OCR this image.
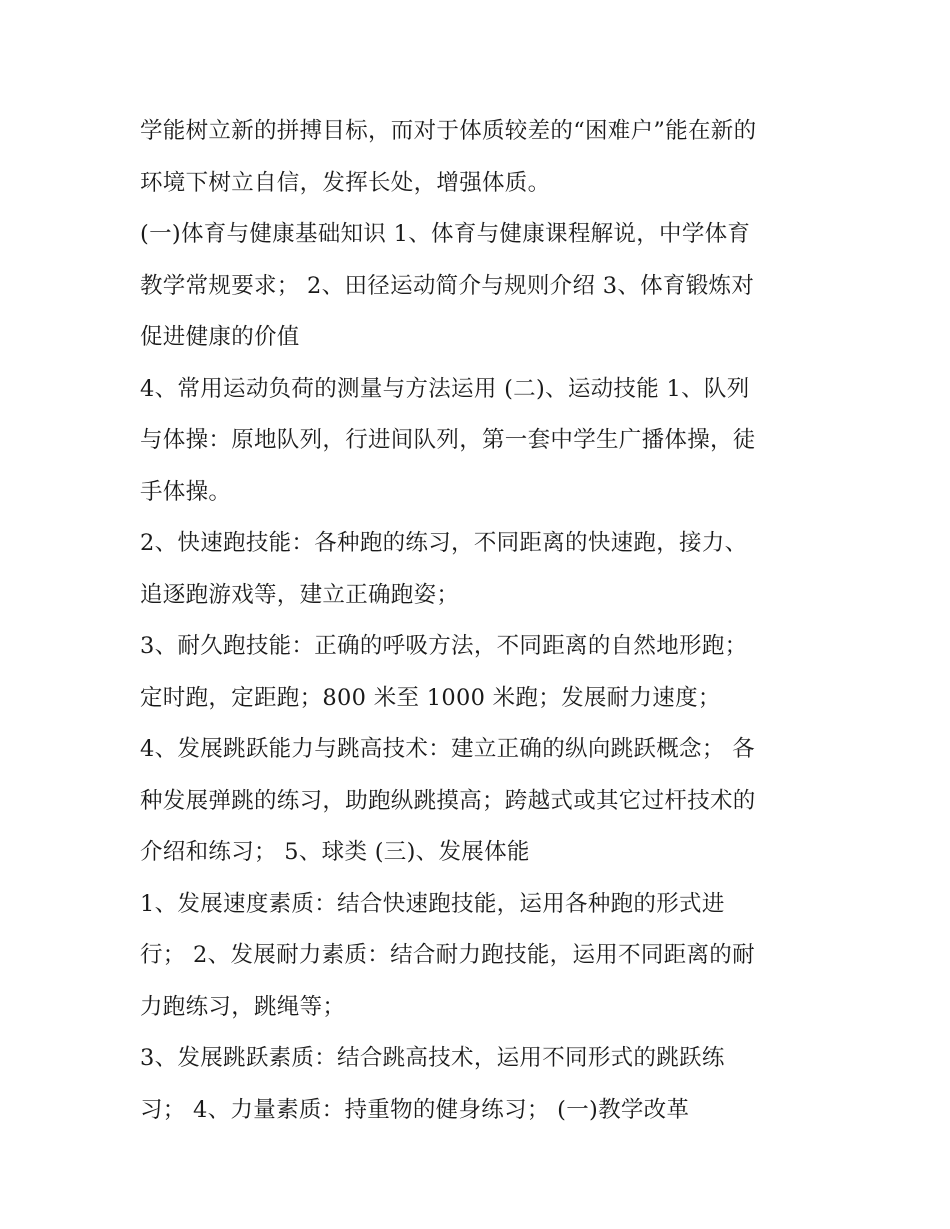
学能树立新的拼搏目标，而对于体质较差的“困难户”能在新的
环境下树立自信，发挥长处，增强体质。
(一)体育与健康基础知识 1、体育与健康课程解说，中学体育
教学常规要求； 2、田径运动简介与规则介绍 3、体育锻炼对
促进健康的价值
4、常用运动负荷的测量与方法运用 (二)、运动技能 1、队列
与体操：原地队列，行进间队列，第一套中学生广播体操，徒
手体操。
2、快速跑技能：各种跑的练习，不同距离的快速跑，接力、
追逐跑游戏等，建立正确跑姿；
3、耐久跑技能：正确的呼吸方法，不同距离的自然地形跑；
定时跑，定距跑；800 米至 1000 米跑；发展耐力速度；
4、发展跳跃能力与跳高技术：建立正确的纵向跳跃概念； 各
种发展弹跳的练习，助跑纵跳摸高；跨越式或其它过杆技术的
介绍和练习； 5、球类 (三)、发展体能
1、发展速度素质：结合快速跑技能，运用各种跑的形式进
行； 2、发展耐力素质：结合耐力跑技能，运用不同距离的耐
力跑练习，跳绳等；
3、发展跳跃素质：结合跳高技术，运用不同形式的跳跃练
习； 4、力量素质：持重物的健身练习； (一)教学改革
